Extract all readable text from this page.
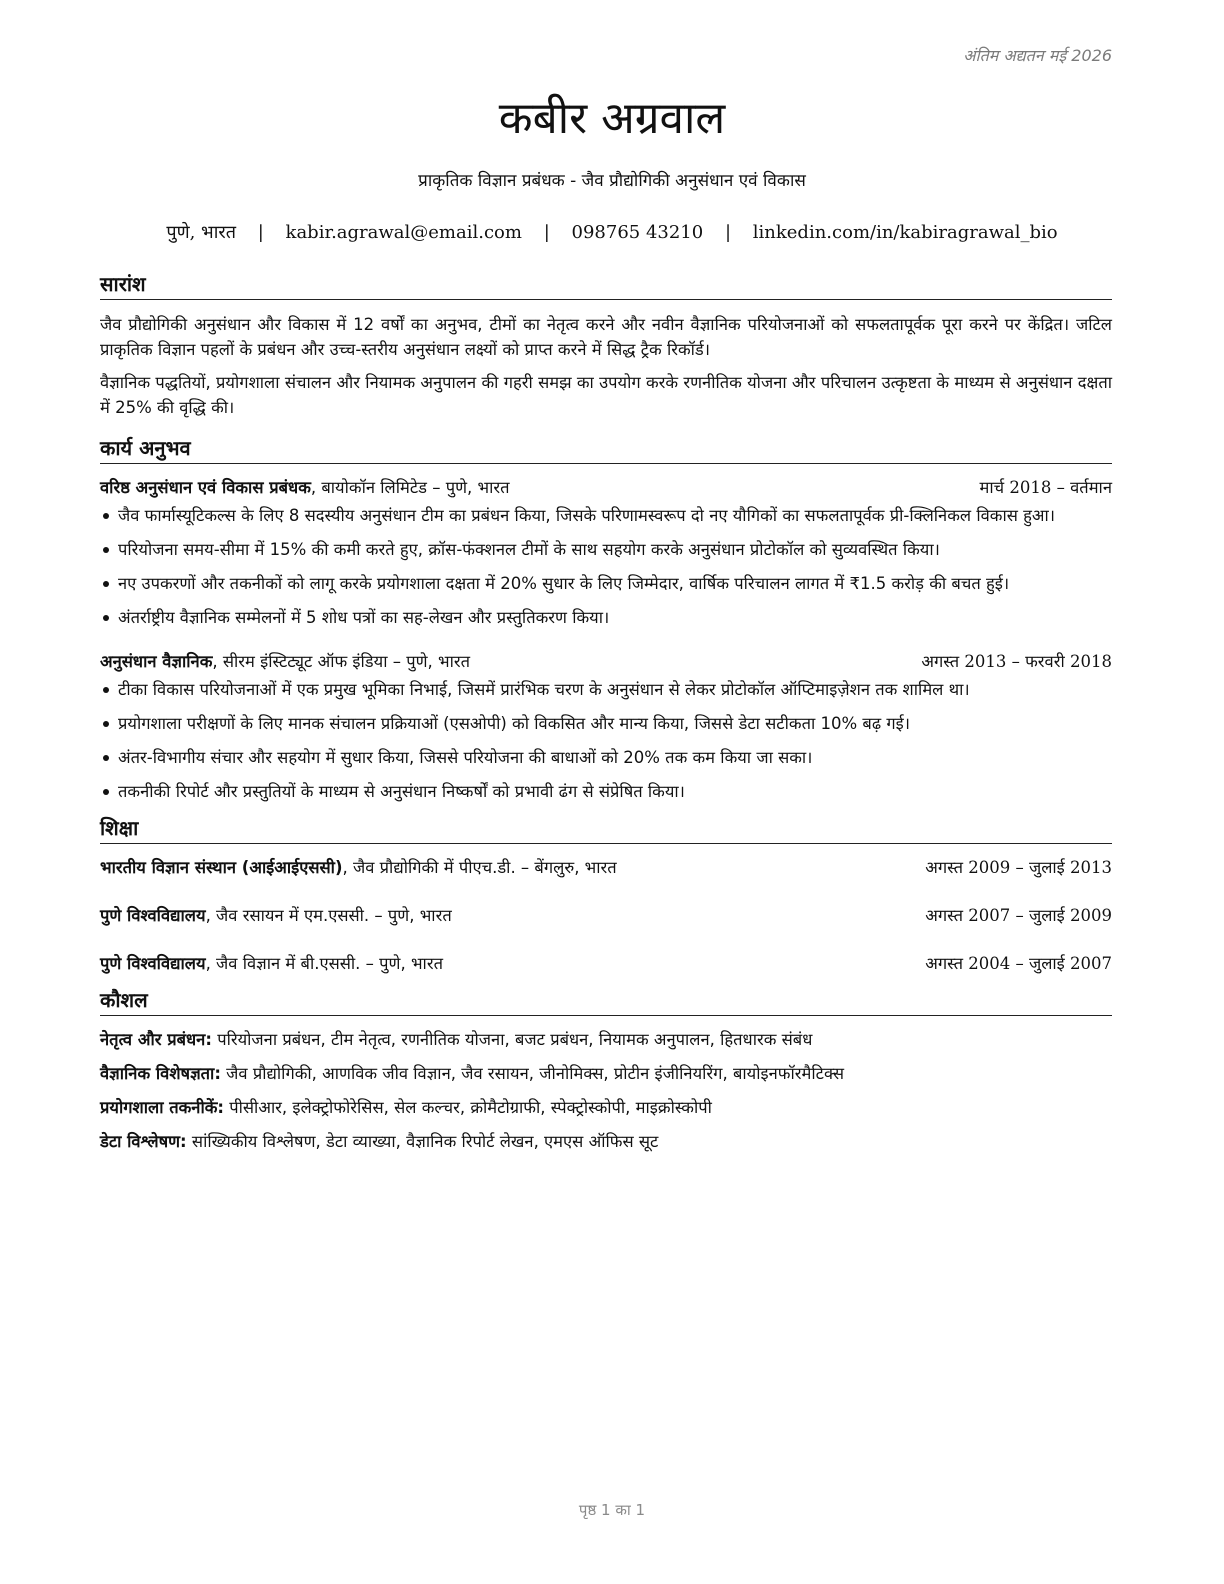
अंतिम अद्यतन मई 2026
कबीर अग्रवाल
प्राकृतिक विज्ञान प्रबंधक - जैव प्रौद्योगिकी अनुसंधान एवं विकास
पुणे, भारत | kabir.agrawal@email.com | 098765 43210 | linkedin.com/in/kabiragrawal_bio
सारांश

जैव प्रौद्योगिकी अनुसंधान और विकास में 12 वर्षों का अनुभव, टीमों का नेतृत्व करने और नवीन वैज्ञानिक परियोजनाओं को सफलतापूर्वक पूरा करने पर केंद्रित। जटिल प्राकृतिक विज्ञान पहलों के प्रबंधन और उच्च-स्तरीय अनुसंधान लक्ष्यों को प्राप्त करने में सिद्ध ट्रैक रिकॉर्ड।

वैज्ञानिक पद्धतियों, प्रयोगशाला संचालन और नियामक अनुपालन की गहरी समझ का उपयोग करके रणनीतिक योजना और परिचालन उत्कृष्टता के माध्यम से अनुसंधान दक्षता में 25% की वृद्धि की।

कार्य अनुभव
वरिष्ठ अनुसंधान एवं विकास प्रबंधक, बायोकॉन लिमिटेड – पुणे, भारत	मार्च 2018 – वर्तमान
जैव फार्मास्यूटिकल्स के लिए 8 सदस्यीय अनुसंधान टीम का प्रबंधन किया, जिसके परिणामस्वरूप दो नए यौगिकों का सफलतापूर्वक प्री-क्लिनिकल विकास हुआ।
परियोजना समय-सीमा में 15% की कमी करते हुए, क्रॉस-फंक्शनल टीमों के साथ सहयोग करके अनुसंधान प्रोटोकॉल को सुव्यवस्थित किया।
नए उपकरणों और तकनीकों को लागू करके प्रयोगशाला दक्षता में 20% सुधार के लिए जिम्मेदार, वार्षिक परिचालन लागत में ₹1.5 करोड़ की बचत हुई।
अंतर्राष्ट्रीय वैज्ञानिक सम्मेलनों में 5 शोध पत्रों का सह-लेखन और प्रस्तुतिकरण किया।
अनुसंधान वैज्ञानिक, सीरम इंस्टिट्यूट ऑफ इंडिया – पुणे, भारत	अगस्त 2013 – फरवरी 2018
टीका विकास परियोजनाओं में एक प्रमुख भूमिका निभाई, जिसमें प्रारंभिक चरण के अनुसंधान से लेकर प्रोटोकॉल ऑप्टिमाइज़ेशन तक शामिल था।
प्रयोगशाला परीक्षणों के लिए मानक संचालन प्रक्रियाओं (एसओपी) को विकसित और मान्य किया, जिससे डेटा सटीकता 10% बढ़ गई।
अंतर-विभागीय संचार और सहयोग में सुधार किया, जिससे परियोजना की बाधाओं को 20% तक कम किया जा सका।
तकनीकी रिपोर्ट और प्रस्तुतियों के माध्यम से अनुसंधान निष्कर्षों को प्रभावी ढंग से संप्रेषित किया।
शिक्षा
भारतीय विज्ञान संस्थान (आईआईएससी), जैव प्रौद्योगिकी में पीएच.डी. – बेंगलुरु, भारत	अगस्त 2009 – जुलाई 2013
पुणे विश्वविद्यालय, जैव रसायन में एम.एससी. – पुणे, भारत	अगस्त 2007 – जुलाई 2009
पुणे विश्वविद्यालय, जैव विज्ञान में बी.एससी. – पुणे, भारत	अगस्त 2004 – जुलाई 2007
कौशल
नेतृत्व और प्रबंधन: परियोजना प्रबंधन, टीम नेतृत्व, रणनीतिक योजना, बजट प्रबंधन, नियामक अनुपालन, हितधारक संबंध
वैज्ञानिक विशेषज्ञता: जैव प्रौद्योगिकी, आणविक जीव विज्ञान, जैव रसायन, जीनोमिक्स, प्रोटीन इंजीनियरिंग, बायोइनफॉरमैटिक्स
प्रयोगशाला तकनीकें: पीसीआर, इलेक्ट्रोफोरेसिस, सेल कल्चर, क्रोमैटोग्राफी, स्पेक्ट्रोस्कोपी, माइक्रोस्कोपी
डेटा विश्लेषण: सांख्यिकीय विश्लेषण, डेटा व्याख्या, वैज्ञानिक रिपोर्ट लेखन, एमएस ऑफिस सूट
पृष्ठ 1 का 1
